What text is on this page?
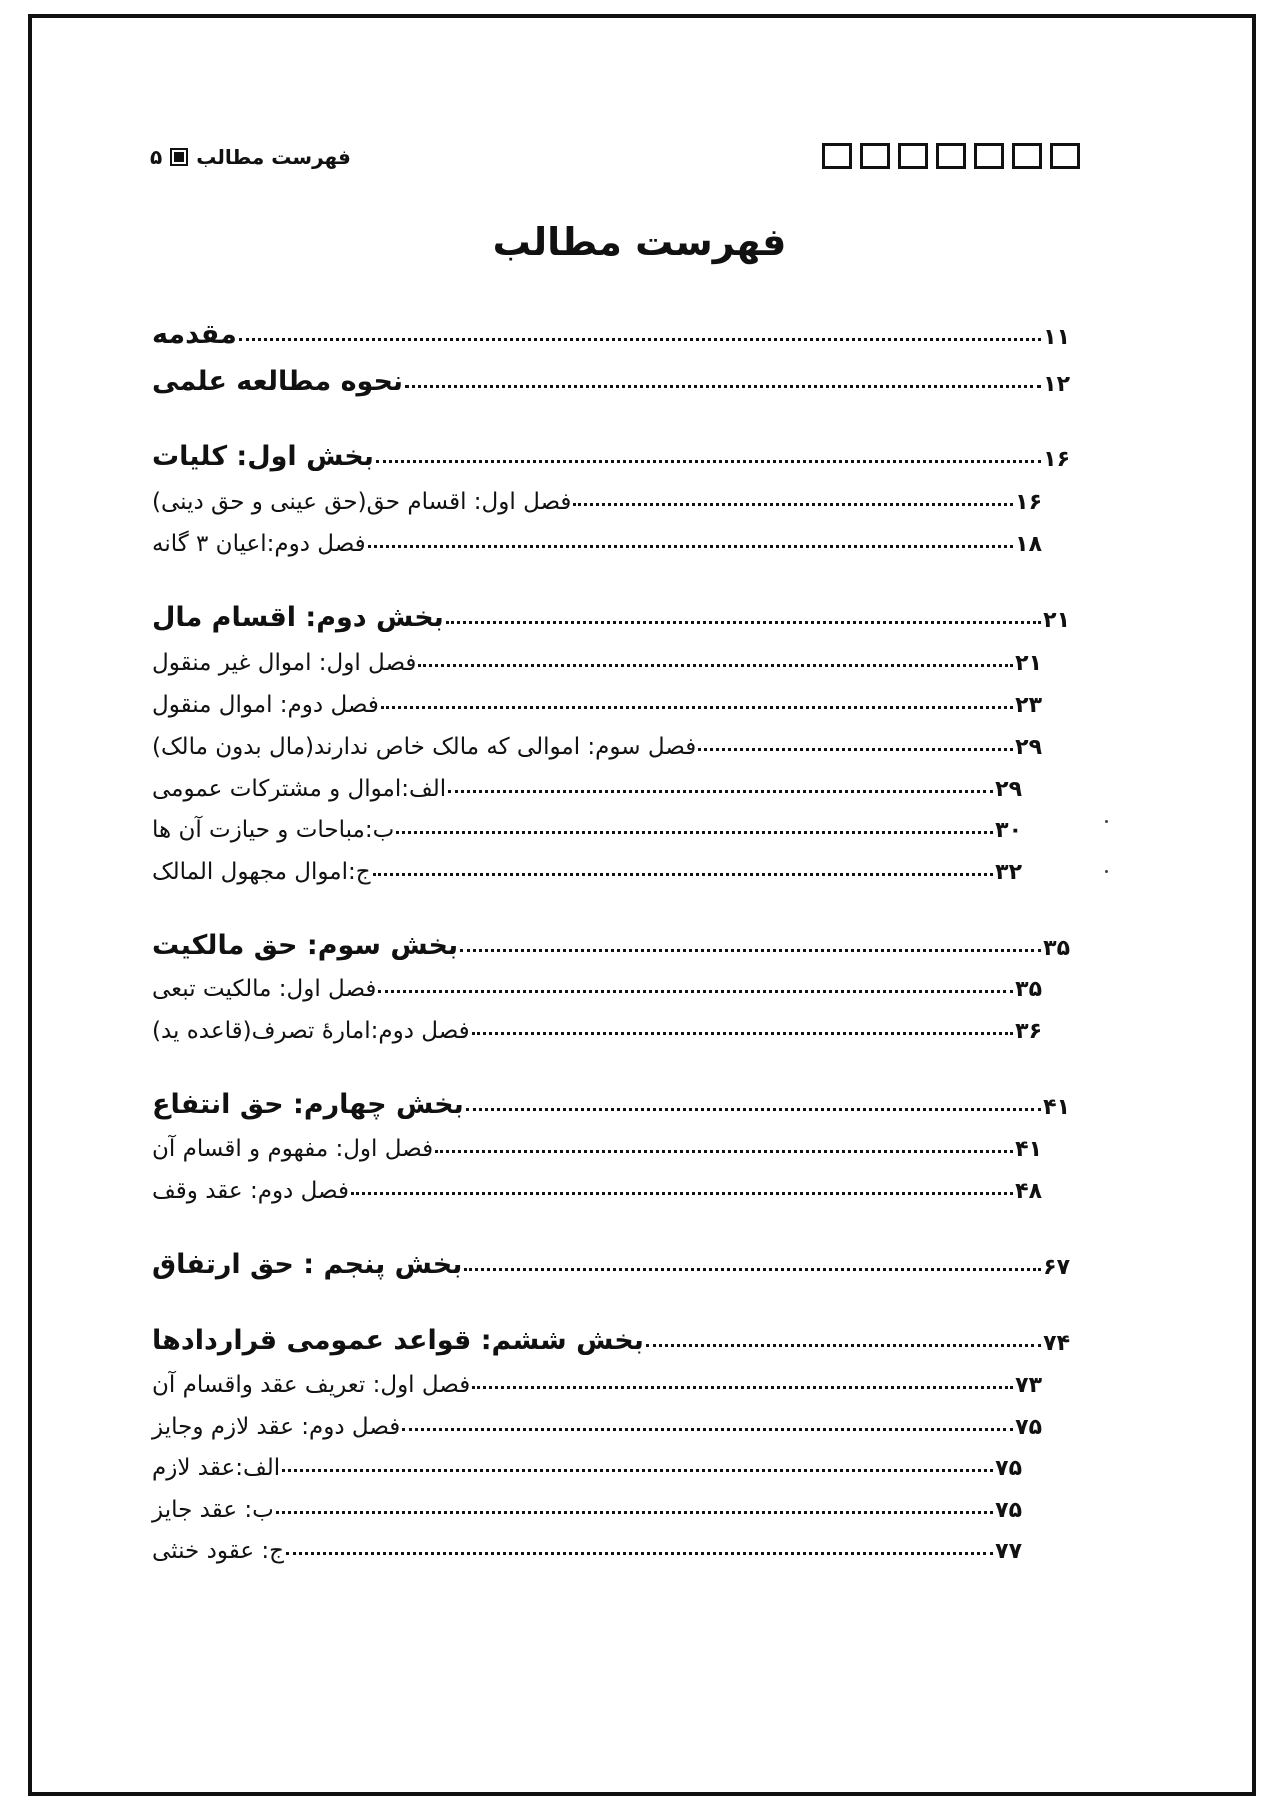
فهرست مطالب
۵
فهرست مطالب
مقدمه	۱۱
نحوه مطالعه علمی	۱۲
بخش اول: کلیات	۱۶
فصل اول: اقسام حق(حق عینی و حق دینی)	۱۶
فصل دوم:اعیان ۳ گانه	۱۸
بخش دوم: اقسام مال	۲۱
فصل اول: اموال غیر منقول	۲۱
فصل دوم: اموال منقول	۲۳
فصل سوم: اموالی که مالک خاص ندارند(مال بدون مالک)	۲۹
الف:اموال و مشترکات عمومی	۲۹
ب:مباحات و حیازت آن ها	۳۰
ج:اموال مجهول المالک	۳۲
بخش سوم: حق مالکیت	۳۵
فصل اول: مالکیت تبعی	۳۵
فصل دوم:امارهٔ تصرف(قاعده ید)	۳۶
بخش چهارم: حق انتفاع	۴۱
فصل اول: مفهوم و اقسام آن	۴۱
فصل دوم: عقد وقف	۴۸
بخش پنجم : حق ارتفاق	۶۷
بخش ششم: قواعد عمومی قراردادها	۷۴
فصل اول: تعریف عقد واقسام آن	۷۳
فصل دوم: عقد لازم وجایز	۷۵
الف:عقد لازم	۷۵
ب: عقد جایز	۷۵
ج: عقود خنثی	۷۷
